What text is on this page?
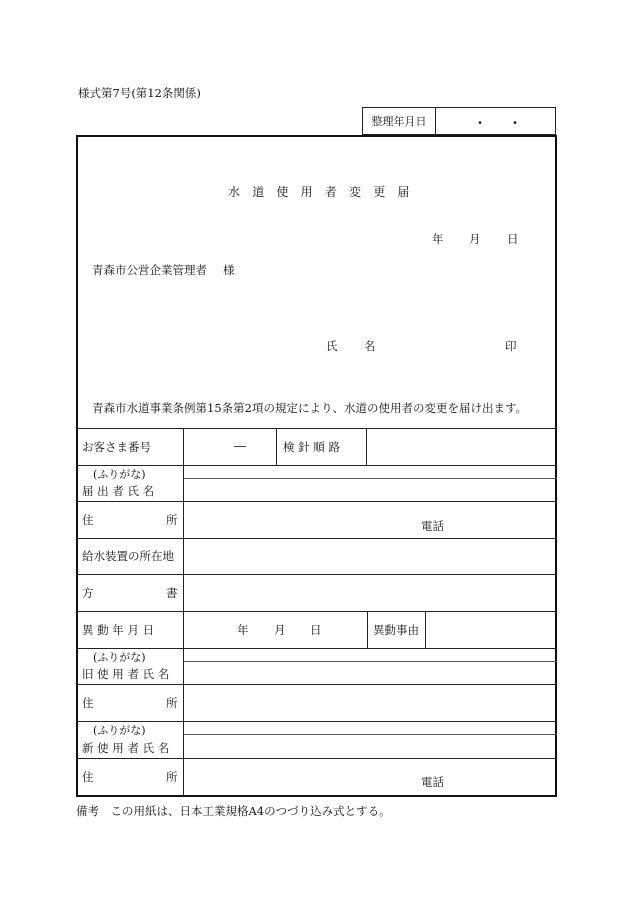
様式第7号(第12条関係)
整理年月日	・ ・
水 道 使 用 者 変 更 届
年 月 日
青森市公営企業管理者 様
氏 名	印
青森市水道事業条例第15条第2項の規定により、水道の使用者の変更を届け出ます。
お客さま番号	―	検 針 順 路
(ふりがな)
届 出 者 氏 名
住	所	電話
給水装置の所在地
方	書
異 動 年 月 日	年 月 日	異動事由
(ふりがな)
旧 使 用 者 氏 名
住	所
(ふりがな)
新 使 用 者 氏 名
住	所	電話
備考　この用紙は、日本工業規格A4のつづり込み式とする。
